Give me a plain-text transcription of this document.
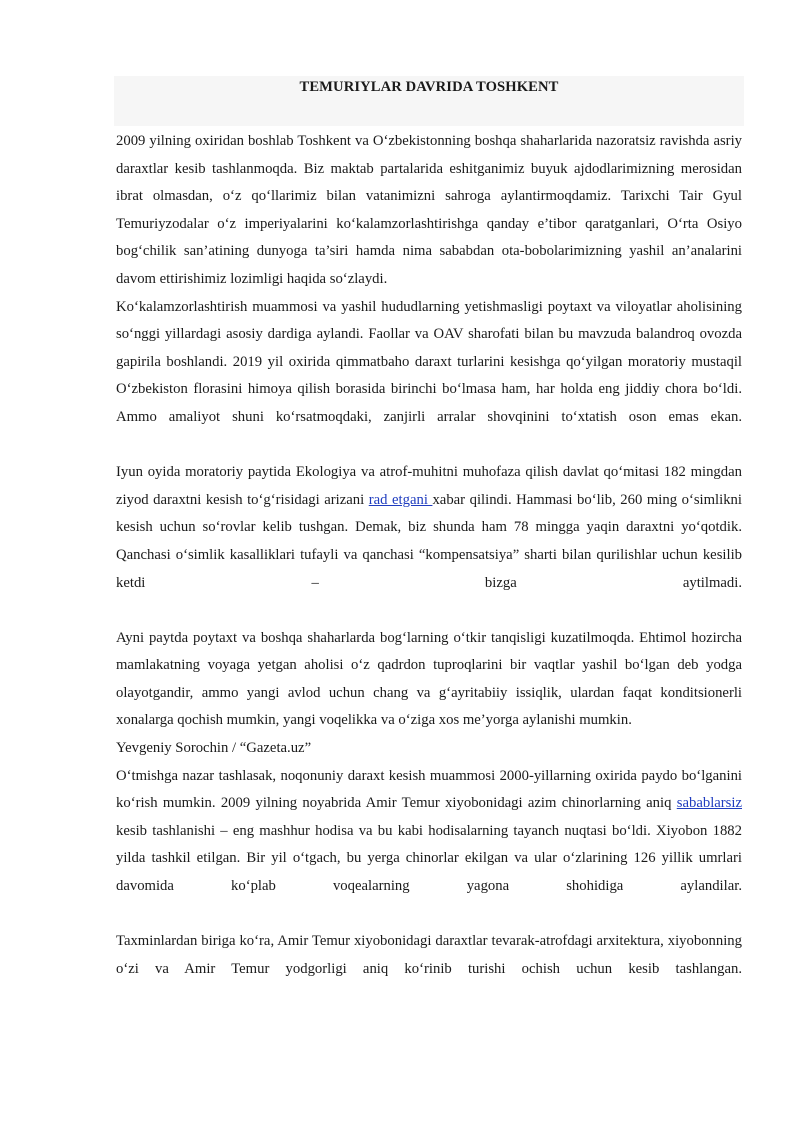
TEMURIYLAR DAVRIDA TOSHKENT

2009 yilning oxiridan boshlab Toshkent va O‘zbekistonning boshqa shaharlarida nazoratsiz ravishda asriy daraxtlar kesib tashlanmoqda. Biz maktab partalarida eshitganimiz buyuk ajdodlarimizning merosidan ibrat olmasdan, o‘z qo‘llarimiz bilan vatanimizni sahroga aylantirmoqdamiz. Tarixchi Tair Gyul Temuriyzodalar o‘z imperiyalarini ko‘kalamzorlashtirishga qanday e’tibor qaratganlari, O‘rta Osiyo bog‘chilik san’atining dunyoga ta’siri hamda nima sababdan ota-bobolarimizning yashil an’analarini davom ettirishimiz lozimligi haqida so‘zlaydi.

Ko‘kalamzorlashtirish muammosi va yashil hududlarning yetishmasligi poytaxt va viloyatlar aholisining so‘nggi yillardagi asosiy dardiga aylandi. Faollar va OAV sharofati bilan bu mavzuda balandroq ovozda gapirila boshlandi. 2019 yil oxirida qimmatbaho daraxt turlarini kesishga qo‘yilgan moratoriy mustaqil O‘zbekiston florasini himoya qilish borasida birinchi bo‘lmasa ham, har holda eng jiddiy chora bo‘ldi. Ammo amaliyot shuni ko‘rsatmoqdaki, zanjirli arralar shovqinini to‘xtatish oson emas ekan.

Iyun oyida moratoriy paytida Ekologiya va atrof-muhitni muhofaza qilish davlat qo‘mitasi 182 mingdan ziyod daraxtni kesish to‘g‘risidagi arizani rad etgani xabar qilindi. Hammasi bo‘lib, 260 ming o‘simlikni kesish uchun so‘rovlar kelib tushgan. Demak, biz shunda ham 78 mingga yaqin daraxtni yo‘qotdik. Qanchasi o‘simlik kasalliklari tufayli va qanchasi “kompensatsiya” sharti bilan qurilishlar uchun kesilib ketdi – bizga aytilmadi.

Ayni paytda poytaxt va boshqa shaharlarda bog‘larning o‘tkir tanqisligi kuzatilmoqda. Ehtimol hozircha mamlakatning voyaga yetgan aholisi o‘z qadrdon tuproqlarini bir vaqtlar yashil bo‘lgan deb yodga olayotgandir, ammo yangi avlod uchun chang va g‘ayritabiiy issiqlik, ulardan faqat konditsionerli xonalarga qochish mumkin, yangi voqelikka va o‘ziga xos me’yorga aylanishi mumkin.

Yevgeniy Sorochin / “Gazeta.uz”

O‘tmishga nazar tashlasak, noqonuniy daraxt kesish muammosi 2000-yillarning oxirida paydo bo‘lganini ko‘rish mumkin. 2009 yilning noyabrida Amir Temur xiyobonidagi azim chinorlarning aniq sabablarsiz kesib tashlanishi – eng mashhur hodisa va bu kabi hodisalarning tayanch nuqtasi bo‘ldi. Xiyobon 1882 yilda tashkil etilgan. Bir yil o‘tgach, bu yerga chinorlar ekilgan va ular o‘zlarining 126 yillik umrlari davomida ko‘plab voqealarning yagona shohidiga aylandilar.

Taxminlardan biriga ko‘ra, Amir Temur xiyobonidagi daraxtlar tevarak-atrofdagi arxitektura, xiyobonning o‘zi va Amir Temur yodgorligi aniq ko‘rinib turishi ochish uchun kesib tashlangan.
